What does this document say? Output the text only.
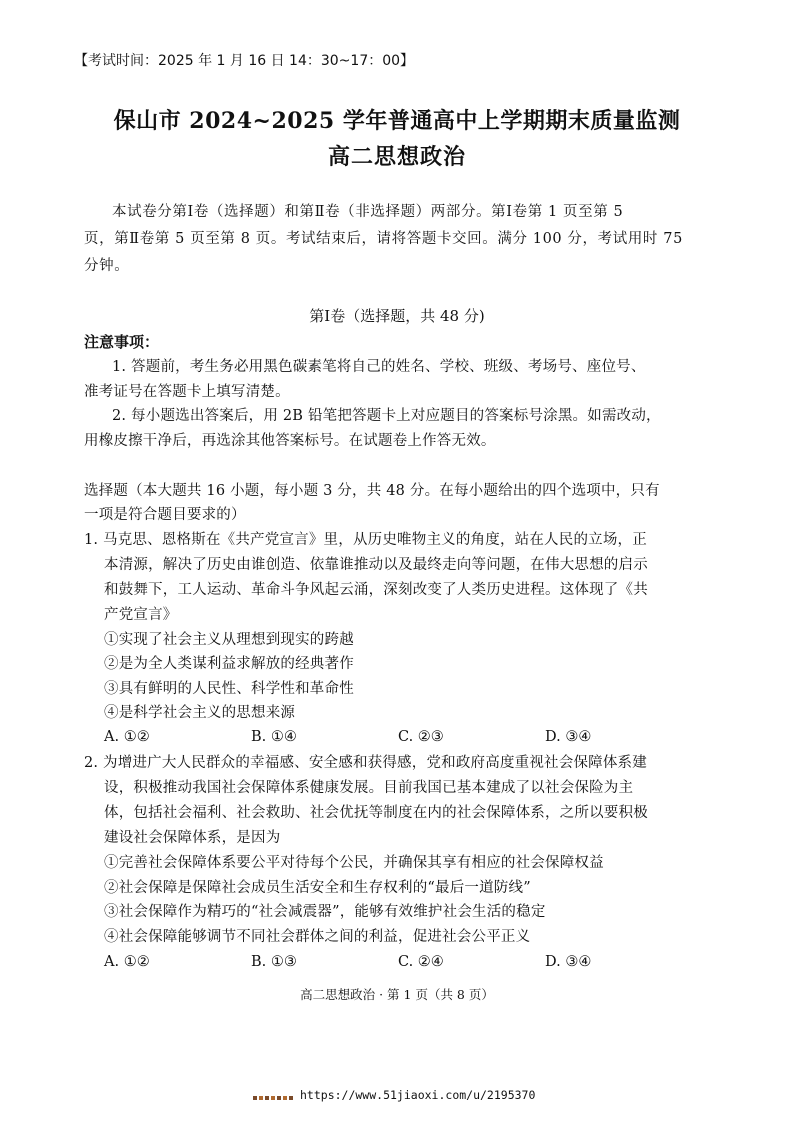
【考试时间：2025 年 1 月 16 日 14：30~17：00】
保山市 2024~2025 学年普通高中上学期期末质量监测
高二思想政治
本试卷分第Ⅰ卷（选择题）和第Ⅱ卷（非选择题）两部分。第Ⅰ卷第 1 页至第 5
页，第Ⅱ卷第 5 页至第 8 页。考试结束后，请将答题卡交回。满分 100 分，考试用时 75
分钟。
第Ⅰ卷（选择题，共 48 分)
注意事项：
1. 答题前，考生务必用黑色碳素笔将自己的姓名、学校、班级、考场号、座位号、
准考证号在答题卡上填写清楚。
2. 每小题选出答案后，用 2B 铅笔把答题卡上对应题目的答案标号涂黑。如需改动，
用橡皮擦干净后，再选涂其他答案标号。在试题卷上作答无效。
选择题（本大题共 16 小题，每小题 3 分，共 48 分。在每小题给出的四个选项中，只有
一项是符合题目要求的）
1. 马克思、恩格斯在《共产党宣言》里，从历史唯物主义的角度，站在人民的立场，正
本清源，解决了历史由谁创造、依靠谁推动以及最终走向等问题，在伟大思想的启示
和鼓舞下，工人运动、革命斗争风起云涌，深刻改变了人类历史进程。这体现了《共
产党宣言》
①实现了社会主义从理想到现实的跨越
②是为全人类谋利益求解放的经典著作
③具有鲜明的人民性、科学性和革命性
④是科学社会主义的思想来源
A. ①②	B. ①④	C. ②③	D. ③④
2. 为增进广大人民群众的幸福感、安全感和获得感，党和政府高度重视社会保障体系建
设，积极推动我国社会保障体系健康发展。目前我国已基本建成了以社会保险为主
体，包括社会福利、社会救助、社会优抚等制度在内的社会保障体系，之所以要积极
建设社会保障体系，是因为
①完善社会保障体系要公平对待每个公民，并确保其享有相应的社会保障权益
②社会保障是保障社会成员生活安全和生存权利的“最后一道防线”
③社会保障作为精巧的“社会减震器”，能够有效维护社会生活的稳定
④社会保障能够调节不同社会群体之间的利益，促进社会公平正义
A. ①②	B. ①③	C. ②④	D. ③④
高二思想政治 · 第 1 页（共 8 页）
https://www.51jiaoxi.com/u/2195370
